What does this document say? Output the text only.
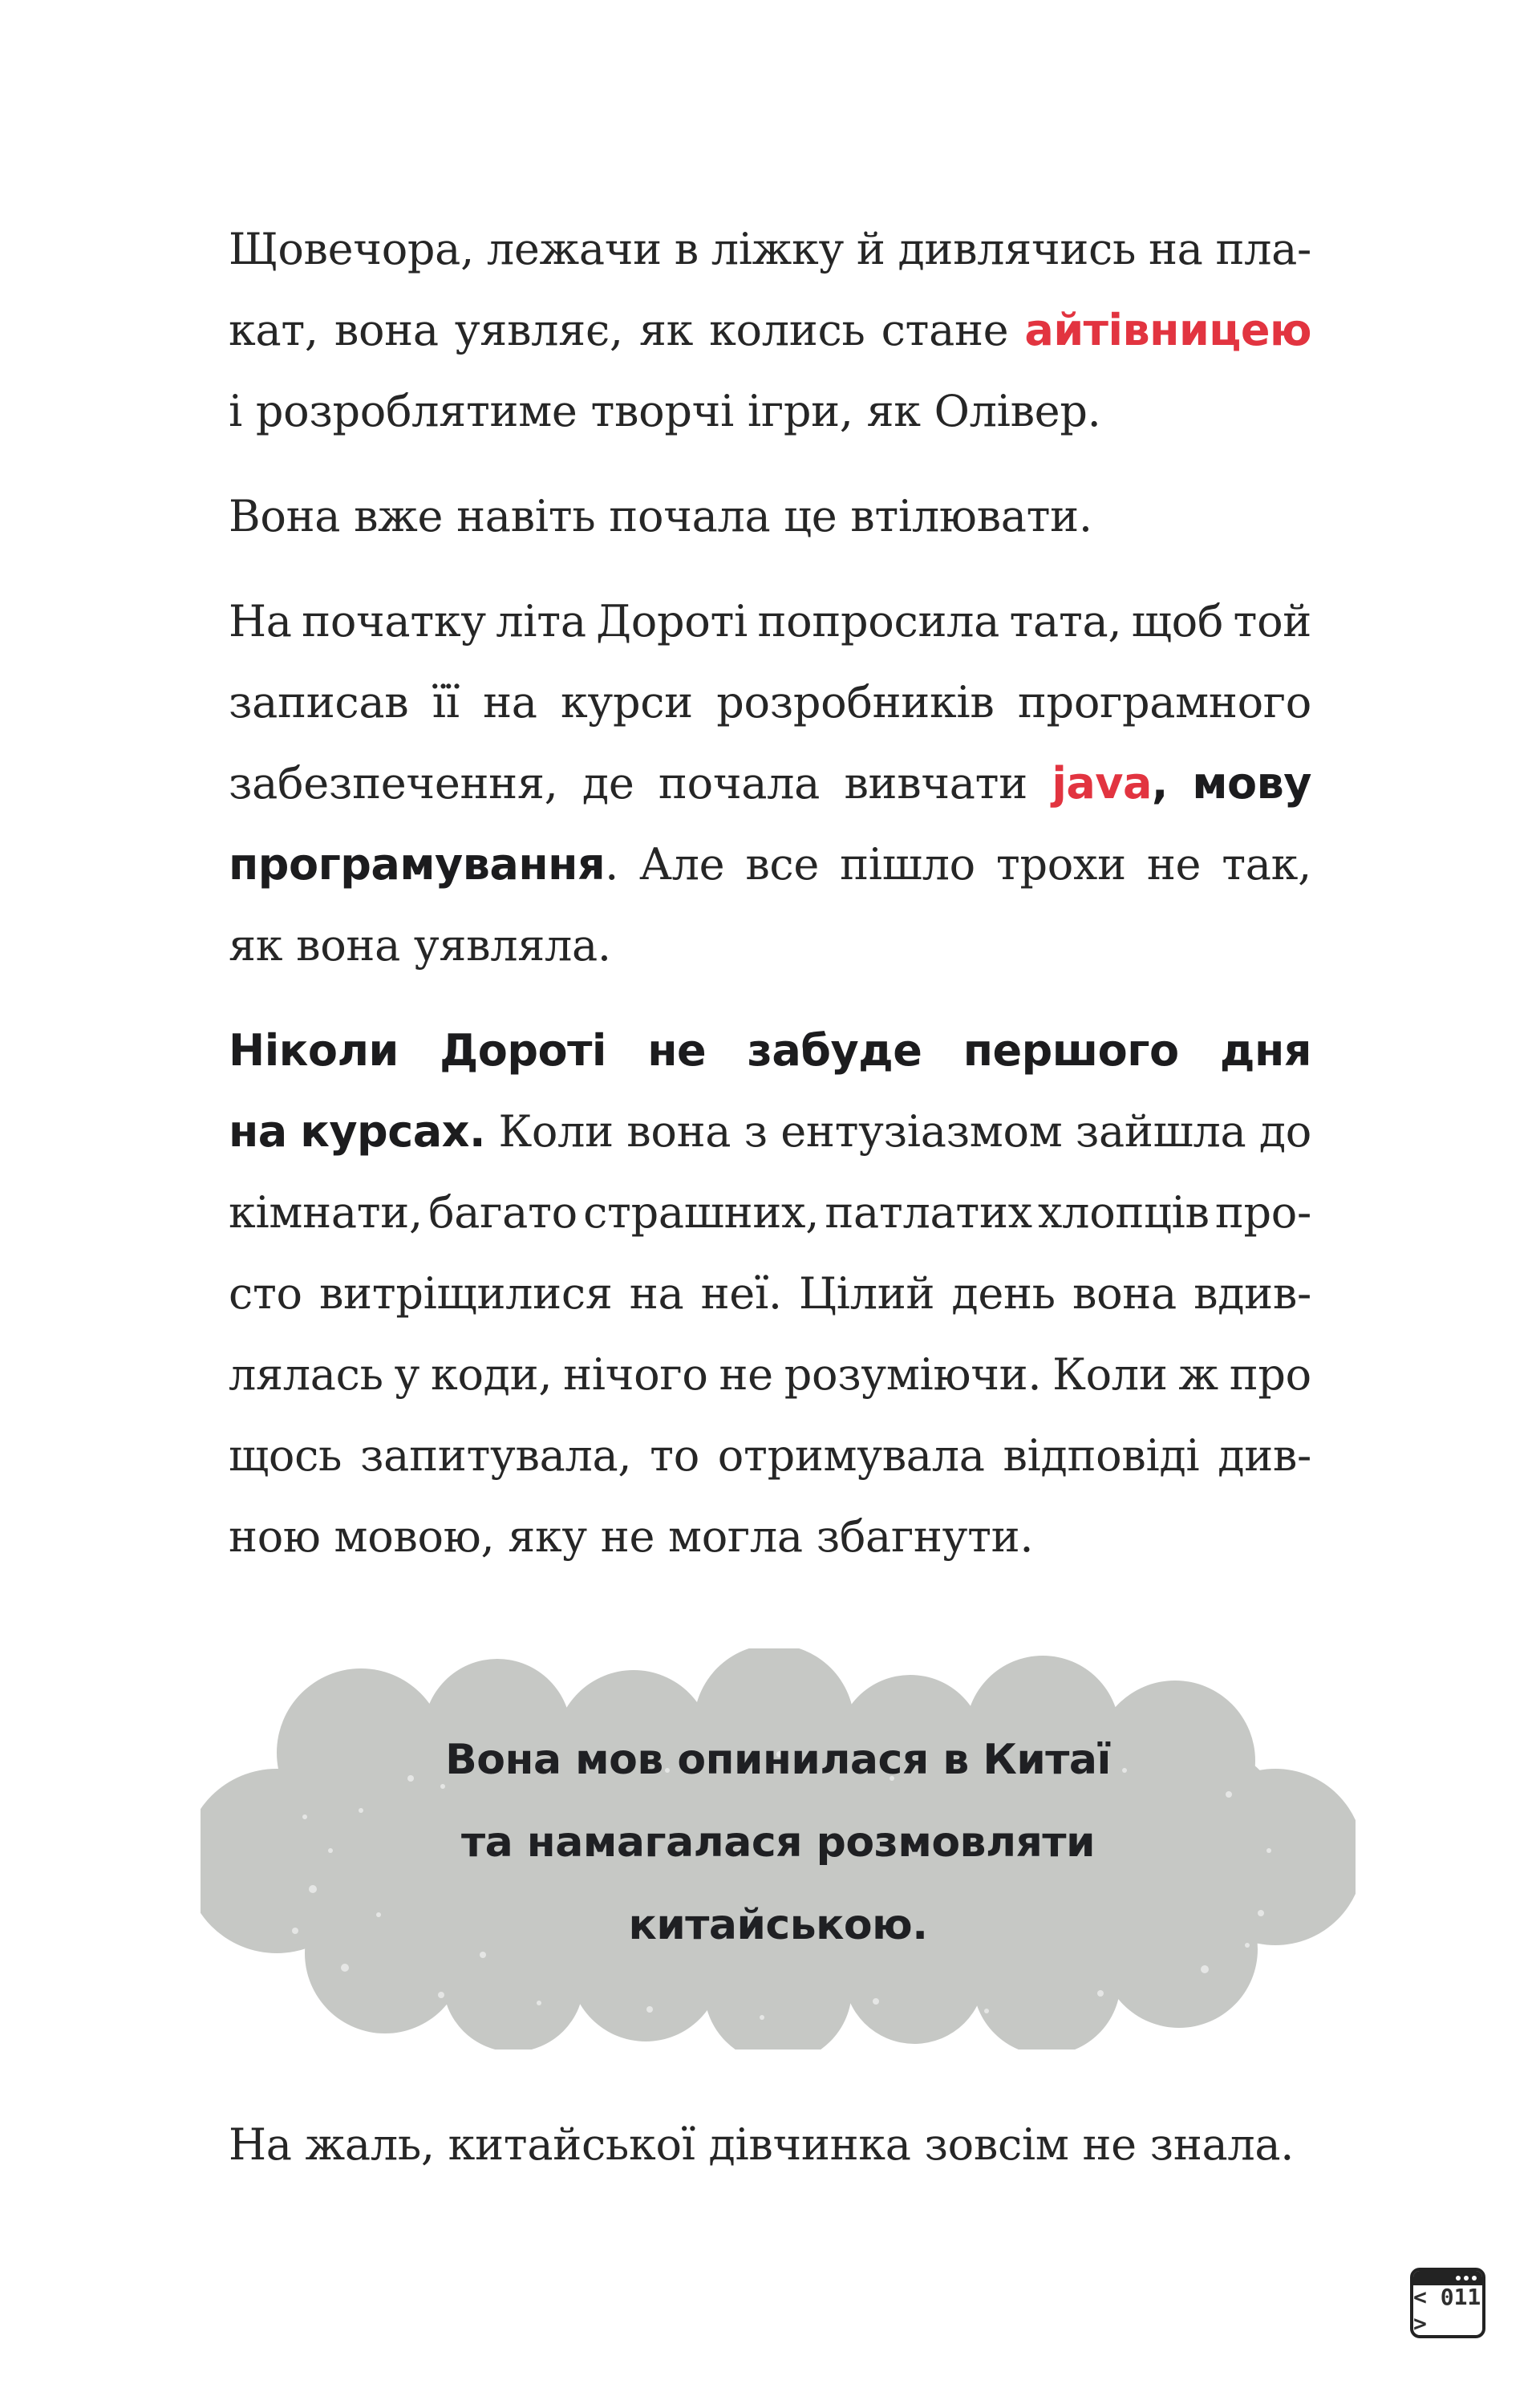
Щовечора, лежачи в ліжку й дивлячись на пла-
кат, вона уявляє, як колись стане айтівницею
і розроблятиме творчі ігри, як Олівер.
Вона вже навіть почала це втілювати.
На початку літа Дороті попросила тата, щоб той
записав її на курси розробників програмного
забезпечення, де почала вивчати java, мову
програмування. Але все пішло трохи не так,
як вона уявляла.
Ніколи Дороті не забуде першого дня
на курсах. Коли вона з ентузіазмом зайшла до
кімнати, багато страшних, патлатих хлопців про-
сто витріщилися на неї. Цілий день вона вдив-
лялась у коди, нічого не розуміючи. Коли ж про
щось запитувала, то отримувала відповіді див-
ною мовою, яку не могла збагнути.
Вона мов опинилася в Китаї
та намагалася розмовляти
китайською.
На жаль, китайської дівчинка зовсім не знала.
< 011 >
